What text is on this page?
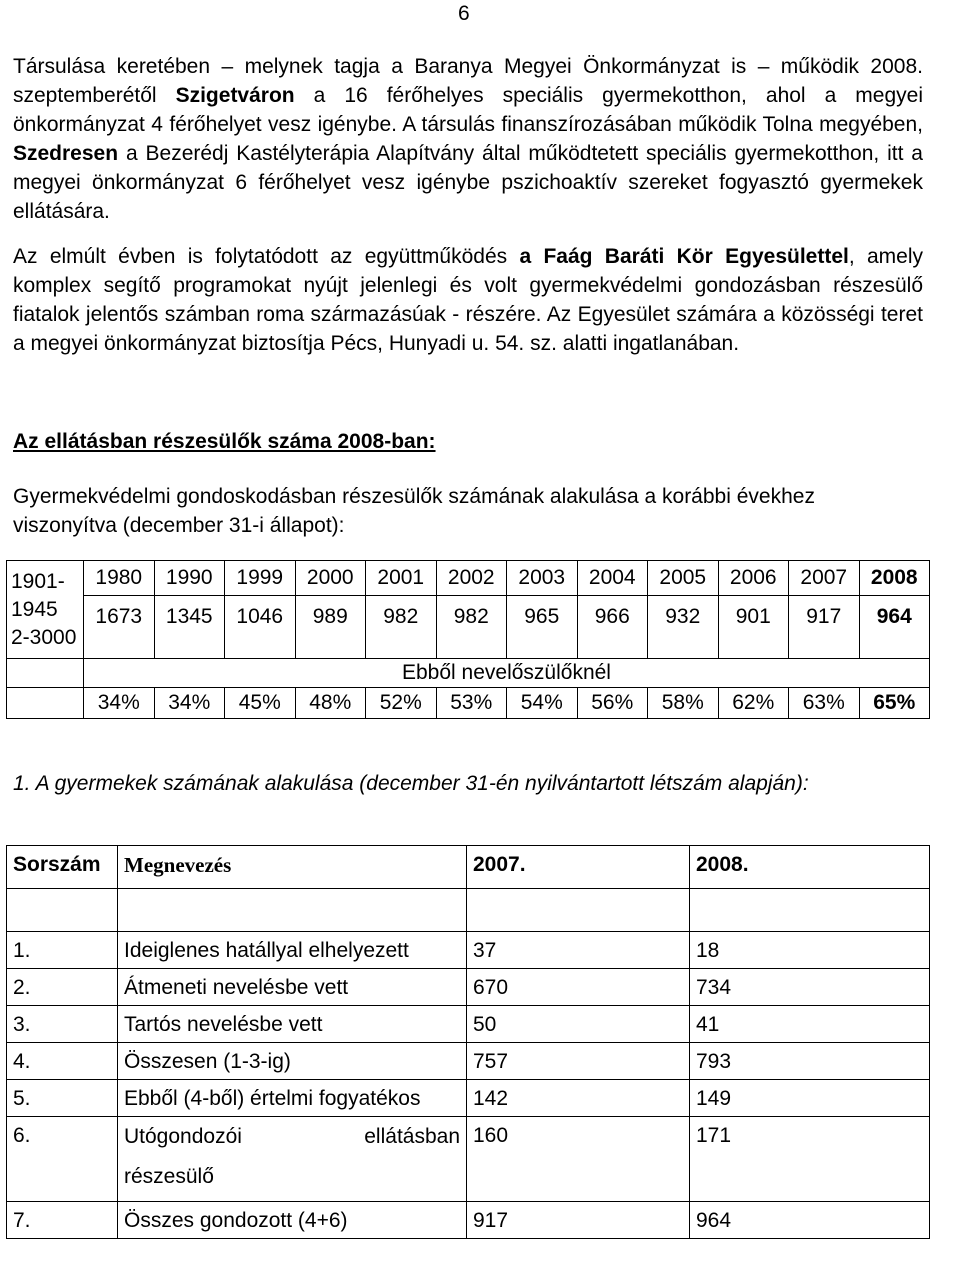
6

Társulása keretében – melynek tagja a Baranya Megyei Önkormányzat is – működik 2008. szeptemberétől Szigetváron a 16 férőhelyes speciális gyermekotthon, ahol a megyei önkormányzat 4 férőhelyet vesz igénybe. A társulás finanszírozásában működik Tolna megyében, Szedresen a Bezerédj Kastélyterápia Alapítvány által működtetett speciális gyermekotthon, itt a megyei önkormányzat 6 férőhelyet vesz igénybe pszichoaktív szereket fogyasztó gyermekek ellátására.

Az elmúlt évben is folytatódott az együttműködés a Faág Baráti Kör Egyesülettel, amely komplex segítő programokat nyújt jelenlegi és volt gyermekvédelmi gondozásban részesülő fiatalok jelentős számban roma származásúak - részére. Az Egyesület számára a közösségi teret a megyei önkormányzat biztosítja Pécs, Hunyadi u. 54. sz. alatti ingatlanában.

Az ellátásban részesülők száma 2008-ban:

Gyermekvédelmi gondoskodásban részesülők számának alakulása a korábbi évekhez viszonyítva (december 31-i állapot):

1901-1945
2-3000	1980	1990	1999	2000	2001	2002	2003	2004	2005	2006	2007	2008
	1673	1345	1046	989	982	982	965	966	932	901	917	964
	Ebből nevelőszülőknél											
	34%	34%	45%	48%	52%	53%	54%	56%	58%	62%	63%	65%

1. A gyermekek számának alakulása (december 31-én nyilvántartott létszám alapján):

Sorszám	Megnevezés	2007.	2008.

1.	Ideiglenes hatállyal elhelyezett	37	18
2.	Átmeneti nevelésbe vett	670	734
3.	Tartós nevelésbe vett	50	41
4.	Összesen (1-3-ig)	757	793
5.	Ebből (4-ből) értelmi fogyatékos	142	149
6.	Utógondozói ellátásban
részesülő	160	171
7.	Összes gondozott (4+6)	917	964
